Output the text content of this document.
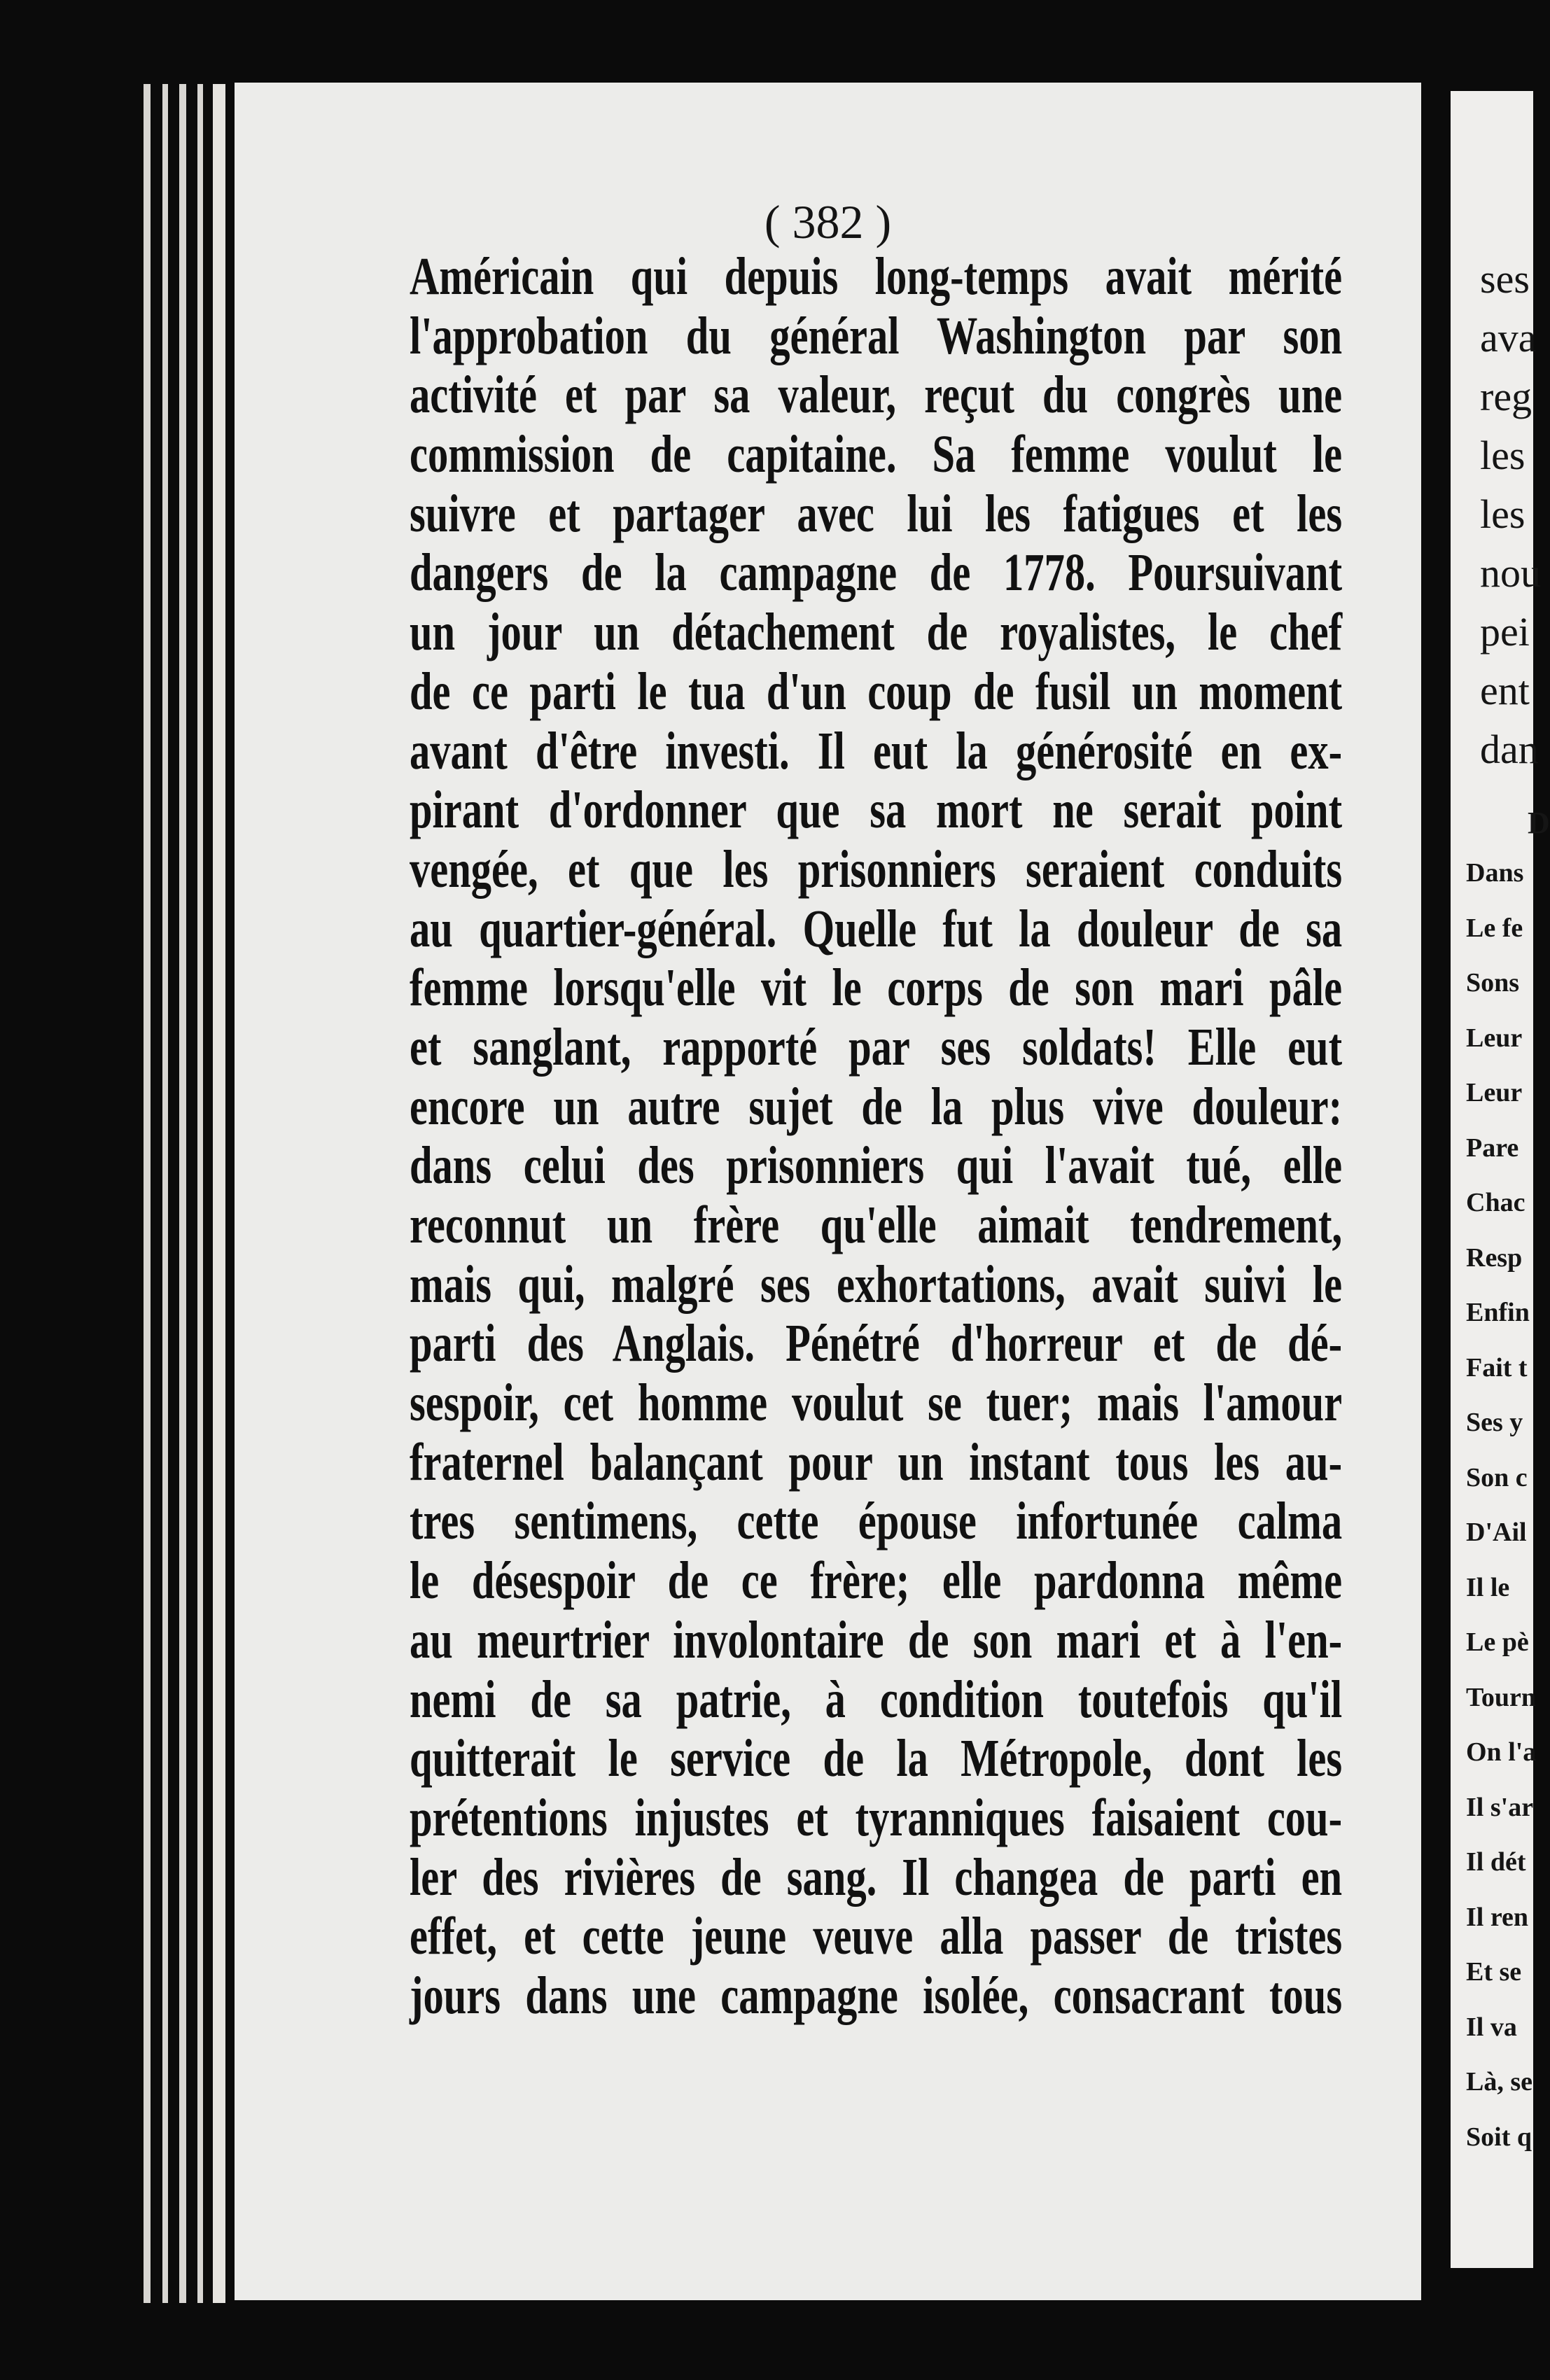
( 382 )
Américain qui depuis long-temps avait mérité
l'approbation du général Washington par son
activité et par sa valeur, reçut du congrès une
commission de capitaine. Sa femme voulut le
suivre et partager avec lui les fatigues et les
dangers de la campagne de 1778. Poursuivant
un jour un détachement de royalistes, le chef
de ce parti le tua d'un coup de fusil un moment
avant d'être investi. Il eut la générosité en ex-
pirant d'ordonner que sa mort ne serait point
vengée, et que les prisonniers seraient conduits
au quartier-général. Quelle fut la douleur de sa
femme lorsqu'elle vit le corps de son mari pâle
et sanglant, rapporté par ses soldats! Elle eut
encore un autre sujet de la plus vive douleur:
dans celui des prisonniers qui l'avait tué, elle
reconnut un frère qu'elle aimait tendrement,
mais qui, malgré ses exhortations, avait suivi le
parti des Anglais. Pénétré d'horreur et de dé-
sespoir, cet homme voulut se tuer; mais l'amour
fraternel balançant pour un instant tous les au-
tres sentimens, cette épouse infortunée calma
le désespoir de ce frère; elle pardonna même
au meurtrier involontaire de son mari et à l'en-
nemi de sa patrie, à condition toutefois qu'il
quitterait le service de la Métropole, dont les
prétentions injustes et tyranniques faisaient cou-
ler des rivières de sang. Il changea de parti en
effet, et cette jeune veuve alla passer de tristes
jours dans une campagne isolée, consacrant tous
ses
ava
reg
les
les
nou
pei
ent
dan
D
Dans
Le fe
Sons
Leur
Leur
Pare
Chac
Resp
Enfin
Fait t
Ses y
Son c
D'Ail
Il le
Le pè
Tourn
On l'a
Il s'ar
Il dét
Il ren
Et se
Il va
Là, se
Soit q
